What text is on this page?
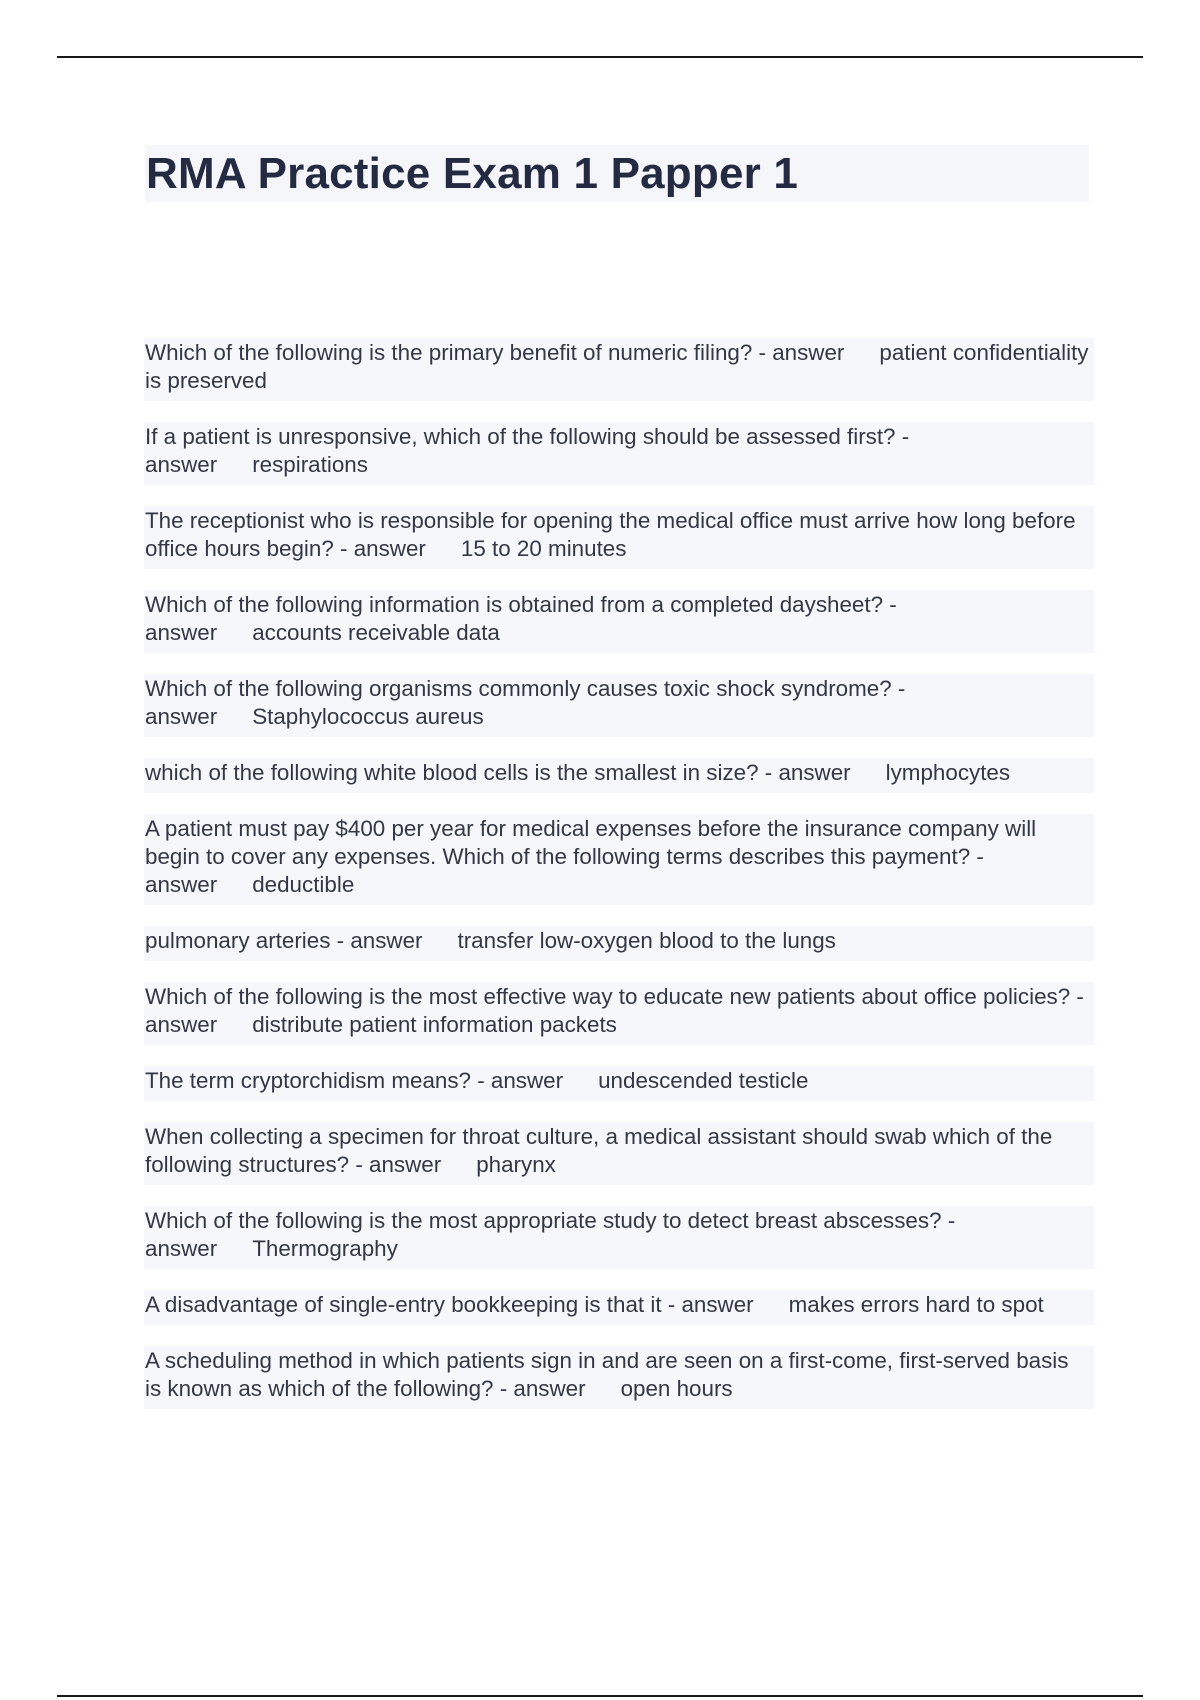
RMA Practice Exam 1 Papper 1

Which of the following is the primary benefit of numeric filing? - answer patient confidentiality is preserved

If a patient is unresponsive, which of the following should be assessed first? - answer respirations

The receptionist who is responsible for opening the medical office must arrive how long before office hours begin? - answer 15 to 20 minutes

Which of the following information is obtained from a completed daysheet? - answer accounts receivable data

Which of the following organisms commonly causes toxic shock syndrome? - answer Staphylococcus aureus

which of the following white blood cells is the smallest in size? - answer lymphocytes

A patient must pay $400 per year for medical expenses before the insurance company will begin to cover any expenses. Which of the following terms describes this payment? - answer deductible

pulmonary arteries - answer transfer low-oxygen blood to the lungs

Which of the following is the most effective way to educate new patients about office policies? - answer distribute patient information packets

The term cryptorchidism means? - answer undescended testicle

When collecting a specimen for throat culture, a medical assistant should swab which of the following structures? - answer pharynx

Which of the following is the most appropriate study to detect breast abscesses? - answer Thermography

A disadvantage of single-entry bookkeeping is that it - answer makes errors hard to spot

A scheduling method in which patients sign in and are seen on a first-come, first-served basis is known as which of the following? - answer open hours
